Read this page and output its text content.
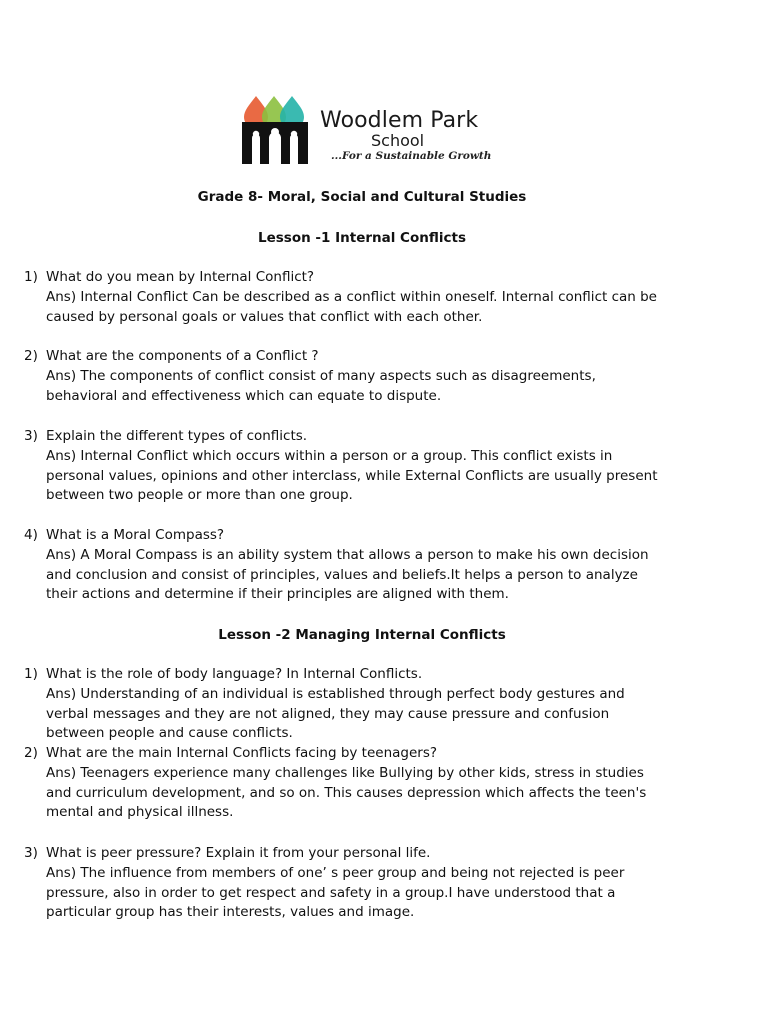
Woodlem Park
School
...For a Sustainable Growth
Grade 8- Moral, Social and Cultural Studies
Lesson -1 Internal Conflicts
1) What do you mean by Internal Conflict?
Ans) Internal Conflict Can be described as a conflict within oneself. Internal conflict can be
caused by personal goals or values that conflict with each other.
2) What are the components of a Conflict ?
Ans) The components of conflict consist of many aspects such as disagreements,
behavioral and effectiveness which can equate to dispute.
3) Explain the different types of conflicts.
Ans) Internal Conflict which occurs within a person or a group. This conflict exists in
personal values, opinions and other interclass, while External Conflicts are usually present
between two people or more than one group.
4) What is a Moral Compass?
Ans) A Moral Compass is an ability system that allows a person to make his own decision
and conclusion and consist of principles, values and beliefs.It helps a person to analyze
their actions and determine if their principles are aligned with them.
Lesson -2 Managing Internal Conflicts
1) What is the role of body language? In Internal Conflicts.
Ans) Understanding of an individual is established through perfect body gestures and
verbal messages and they are not aligned, they may cause pressure and confusion
between people and cause conflicts.
2) What are the main Internal Conflicts facing by teenagers?
Ans) Teenagers experience many challenges like Bullying by other kids, stress in studies
and curriculum development, and so on. This causes depression which affects the teen's
mental and physical illness.
3) What is peer pressure? Explain it from your personal life.
Ans) The influence from members of one’ s peer group and being not rejected is peer
pressure, also in order to get respect and safety in a group.I have understood that a
particular group has their interests, values and image.
